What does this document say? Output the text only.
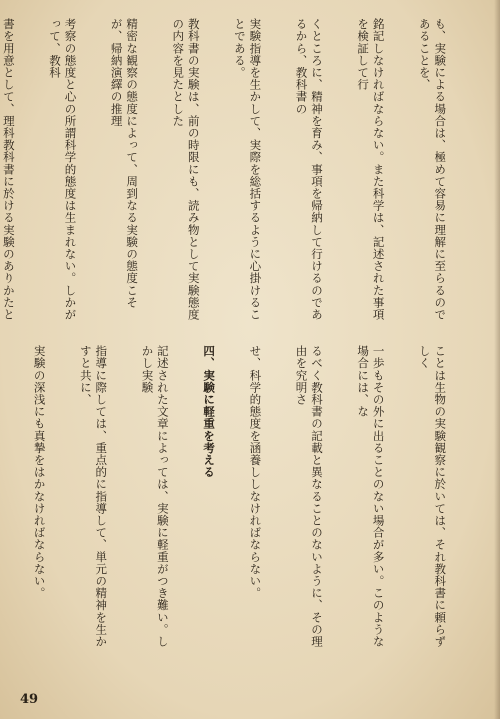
も、実験による場合は、極めて容易に理解に至らるのであることを、

銘記しなければならない。また科学は、記述された事項を検証して行

くところに、精神を育み、事項を帰納して行けるのであるから、教科書の

実験指導を生かして、実際を総括するように心掛けることである。

教科書の実験は、前の時限にも、読み物として実験態度の内容を見たとした

精密な観察の態度によって、周到なる実験の態度こそが、帰納演繹の推理

考察の態度と心の所謂科学的態度は生まれない。しかがって、教科

書を用意として、理科教科書に於ける実験のありかたと

ことは生物の実験観察に於いては、それ教科書に頼らずしく

一歩もその外に出ることのない場合が多い。このような場合には、な

るべく教科書の記載と異なることのないように、その理由を究明さ

せ、科学的態度を涵養ししなければならない。

四、実験に軽重を考える

記述された文章によっては、実験に軽重がつき難い。しかし実験

指導に際しては、重点的に指導して、単元の精神を生かすと共に、

実験の深浅にも真摯をはかなければならない。

49
